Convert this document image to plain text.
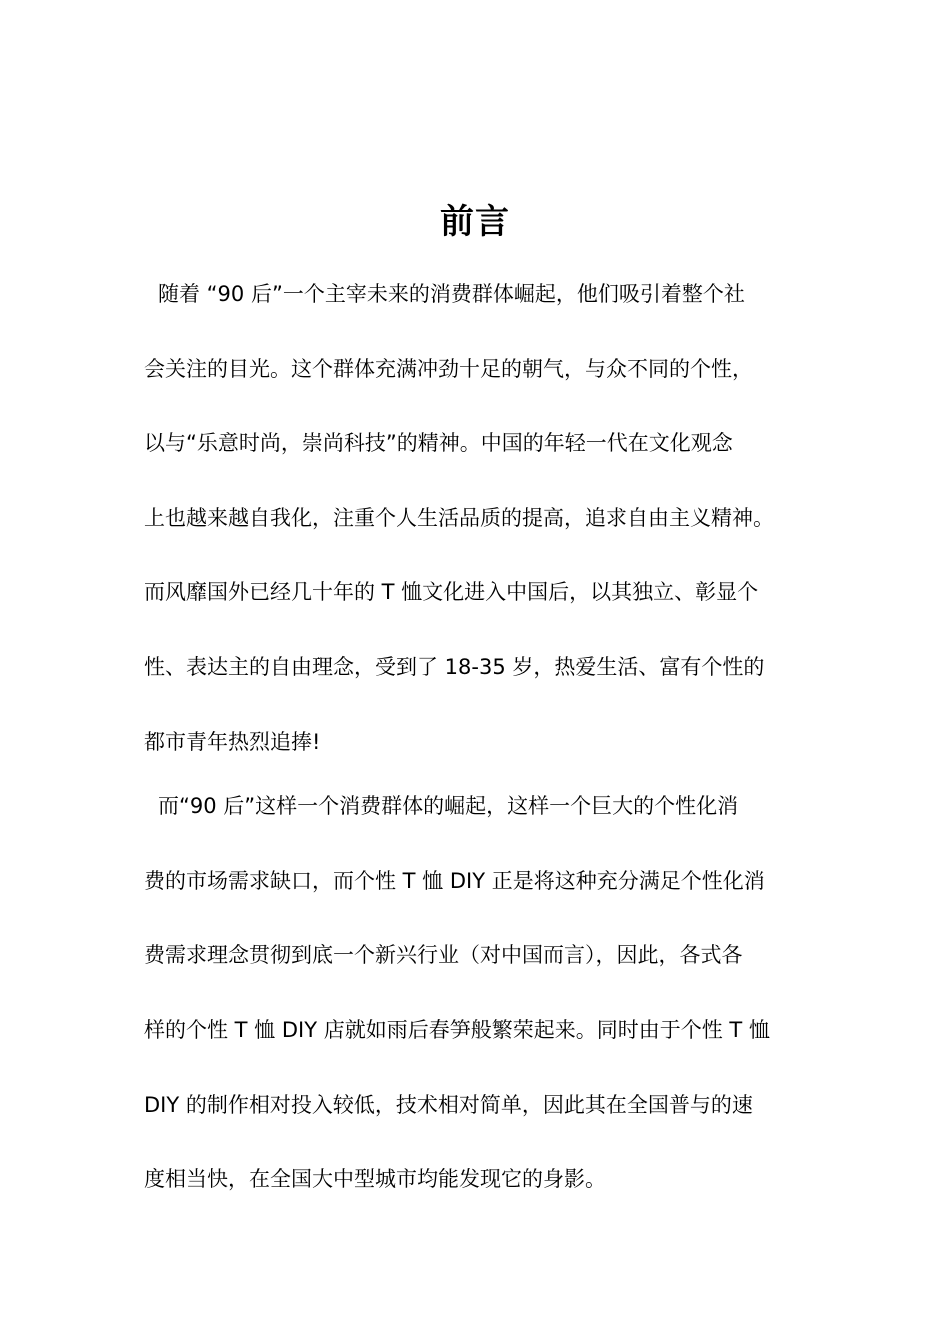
前言
随着 “90 后”一个主宰未来的消费群体崛起，他们吸引着整个社
会关注的目光。这个群体充满冲劲十足的朝气，与众不同的个性，
以与“乐意时尚，崇尚科技”的精神。中国的年轻一代在文化观念
上也越来越自我化，注重个人生活品质的提高，追求自由主义精神。
而风靡国外已经几十年的 T 恤文化进入中国后，以其独立、彰显个
性、表达主的自由理念，受到了 18-35 岁，热爱生活、富有个性的
都市青年热烈追捧!
而“90 后”这样一个消费群体的崛起，这样一个巨大的个性化消
费的市场需求缺口，而个性 T 恤 DIY 正是将这种充分满足个性化消
费需求理念贯彻到底一个新兴行业（对中国而言），因此，各式各
样的个性 T 恤 DIY 店就如雨后春笋般繁荣起来。同时由于个性 T 恤
DIY 的制作相对投入较低，技术相对简单，因此其在全国普与的速
度相当快，在全国大中型城市均能发现它的身影。
